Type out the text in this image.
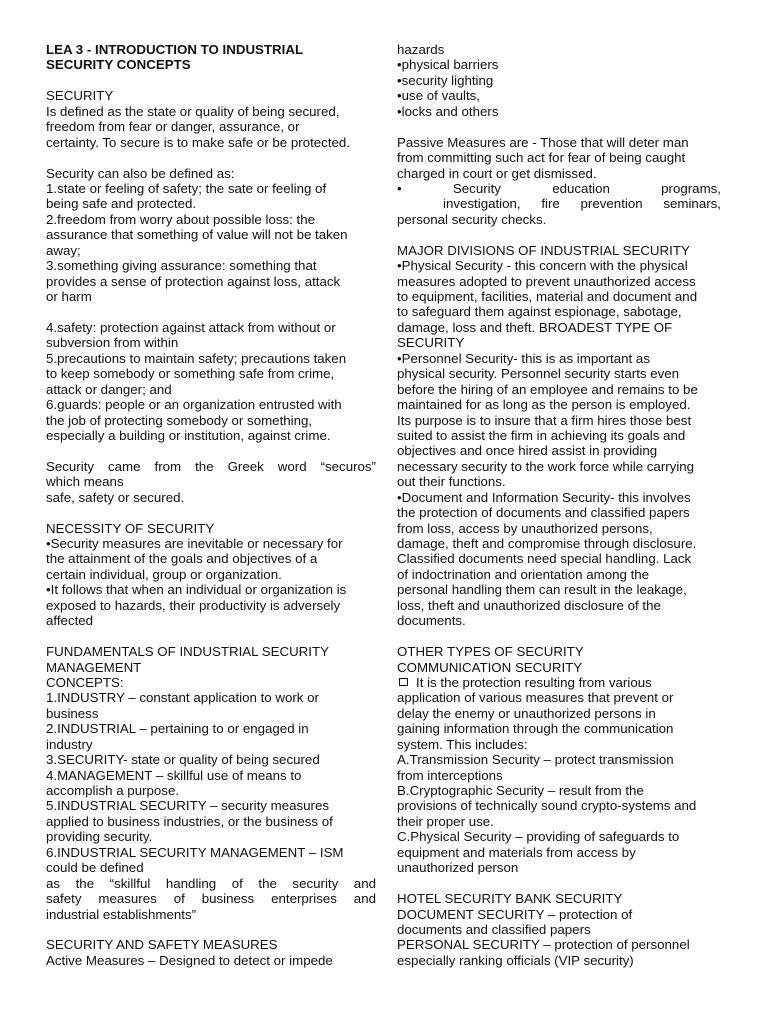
LEA 3 - INTRODUCTION TO INDUSTRIAL
SECURITY CONCEPTS
SECURITY
Is defined as the state or quality of being secured,
freedom from fear or danger, assurance, or
certainty. To secure is to make safe or be protected.
Security can also be defined as:
1.state or feeling of safety; the sate or feeling of
being safe and protected.
2.freedom from worry about possible loss: the
assurance that something of value will not be taken
away;
3.something giving assurance: something that
provides a sense of protection against loss, attack
or harm
4.safety: protection against attack from without or
subversion from within
5.precautions to maintain safety; precautions taken
to keep somebody or something safe from crime,
attack or danger; and
6.guards: people or an organization entrusted with
the job of protecting somebody or something,
especially a building or institution, against crime.
Security came from the Greek word “securos”
which means
safe, safety or secured.
NECESSITY OF SECURITY
•Security measures are inevitable or necessary for
the attainment of the goals and objectives of a
certain individual, group or organization.
•It follows that when an individual or organization is
exposed to hazards, their productivity is adversely
affected
FUNDAMENTALS OF INDUSTRIAL SECURITY
MANAGEMENT
CONCEPTS:
1.INDUSTRY – constant application to work or
business
2.INDUSTRIAL – pertaining to or engaged in
industry
3.SECURITY- state or quality of being secured
4.MANAGEMENT – skillful use of means to
accomplish a purpose.
5.INDUSTRIAL SECURITY – security measures
applied to business industries, or the business of
providing security.
6.INDUSTRIAL SECURITY MANAGEMENT – ISM
could be defined
as the “skillful handling of the security and
safety measures of business enterprises and
industrial establishments”
SECURITY AND SAFETY MEASURES
Active Measures – Designed to detect or impede
hazards
•physical barriers
•security lighting
•use of vaults,
•locks and others
Passive Measures are - Those that will deter man
from committing such act for fear of being caught
charged in court or get dismissed.
• Security education programs,
investigation, fire prevention seminars,
personal security checks.
MAJOR DIVISIONS OF INDUSTRIAL SECURITY
•Physical Security - this concern with the physical
measures adopted to prevent unauthorized access
to equipment, facilities, material and document and
to safeguard them against espionage, sabotage,
damage, loss and theft. BROADEST TYPE OF
SECURITY
•Personnel Security- this is as important as
physical security. Personnel security starts even
before the hiring of an employee and remains to be
maintained for as long as the person is employed.
Its purpose is to insure that a firm hires those best
suited to assist the firm in achieving its goals and
objectives and once hired assist in providing
necessary security to the work force while carrying
out their functions.
•Document and Information Security- this involves
the protection of documents and classified papers
from loss, access by unauthorized persons,
damage, theft and compromise through disclosure.
Classified documents need special handling. Lack
of indoctrination and orientation among the
personal handling them can result in the leakage,
loss, theft and unauthorized disclosure of the
documents.
OTHER TYPES OF SECURITY
COMMUNICATION SECURITY
It is the protection resulting from various
application of various measures that prevent or
delay the enemy or unauthorized persons in
gaining information through the communication
system. This includes:
A.Transmission Security – protect transmission
from interceptions
B.Cryptographic Security – result from the
provisions of technically sound crypto-systems and
their proper use.
C.Physical Security – providing of safeguards to
equipment and materials from access by
unauthorized person
HOTEL SECURITY BANK SECURITY
DOCUMENT SECURITY – protection of
documents and classified papers
PERSONAL SECURITY – protection of personnel
especially ranking officials (VIP security)
